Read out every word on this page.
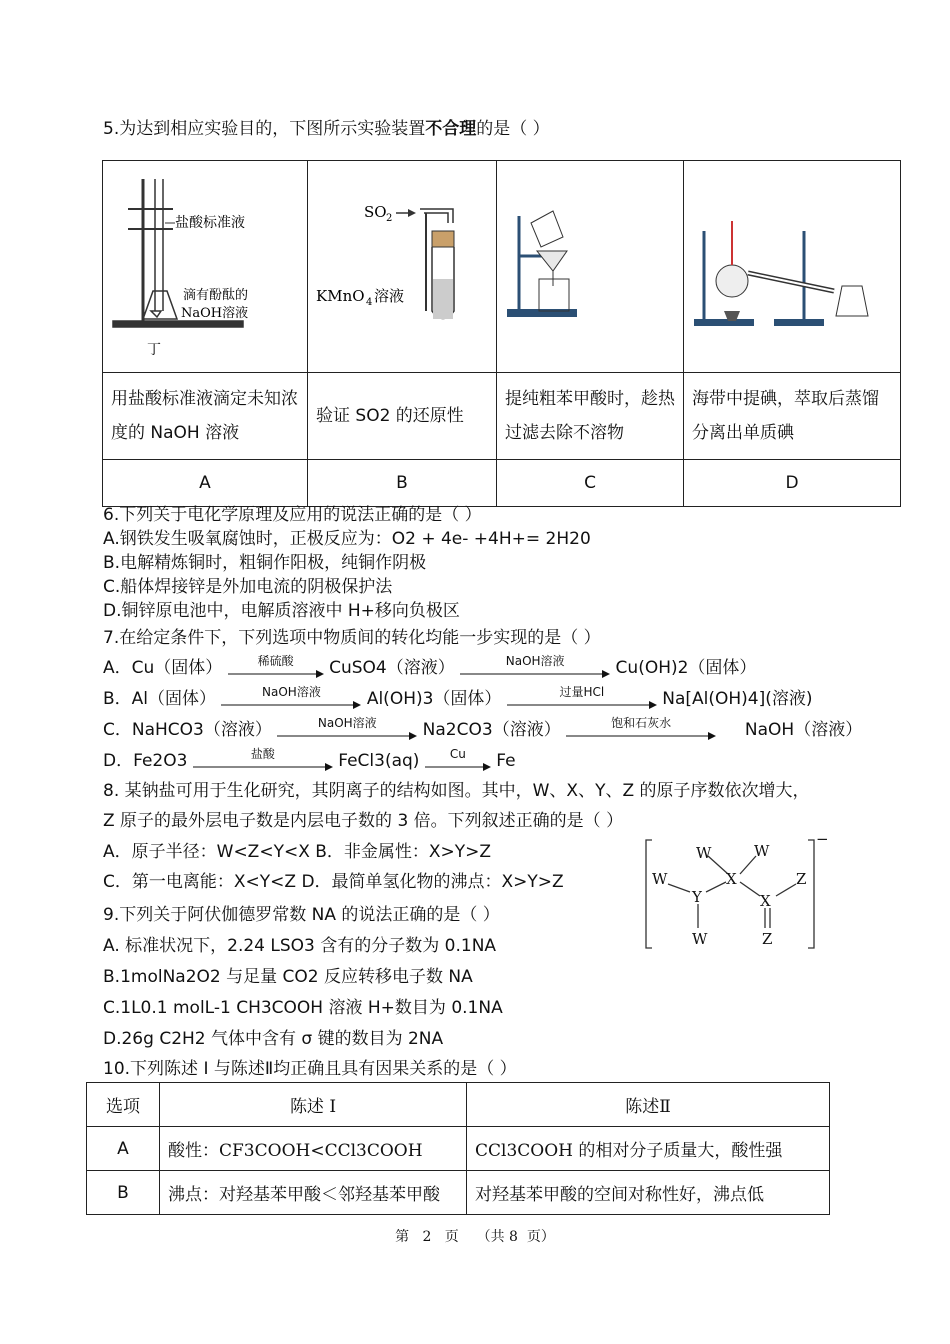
5.为达到相应实验目的，下图所示实验装置不合理的是（ ）
盐酸标准液
滴有酚酞的
NaOH溶液
丁	SO 2
KMnO 4 溶液

用盐酸标准液滴定未知浓度的 NaOH 溶液	验证 SO2 的还原性	提纯粗苯甲酸时，趁热过滤去除不溶物	海带中提碘，萃取后蒸馏分离出单质碘
A	B	C	D
6.下列关于电化学原理及应用的说法正确的是（ ）
A.钢铁发生吸氧腐蚀时，正极反应为：O2 + 4e- +4H+= 2H20
B.电解精炼铜时，粗铜作阳极，纯铜作阴极
C.船体焊接锌是外加电流的阴极保护法
D.铜锌原电池中，电解质溶液中 H+移向负极区
7.在给定条件下，下列选项中物质间的转化均能一步实现的是（ ）
A．Cu（固体）	稀硫酸	CuSO4（溶液）	NaOH溶液	Cu(OH)2（固体）
B．Al（固体）	NaOH溶液	Al(OH)3（固体）	过量HCl	Na[Al(OH)4](溶液)
C．NaHCO3（溶液）	NaOH溶液	Na2CO3（溶液）	饱和石灰水	NaOH（溶液）
D．Fe2O3	盐酸	FeCl3(aq)	Cu	Fe
8. 某钠盐可用于生化研究，其阴离子的结构如图。其中，W、X、Y、Z 的原子序数依次增大，
Z 原子的最外层电子数是内层电子数的 3 倍。下列叙述正确的是（ ）
A．原子半径：W<Z<Y<X B．非金属性：X>Y>Z
C．第一电离能：X<Y<Z D．最简单氢化物的沸点：X>Y>Z
W	W
X
W
Y	X
Z
W	Z
−
9.下列关于阿伏伽德罗常数 NA 的说法正确的是（ ）
A. 标准状况下，2.24 LSO3 含有的分子数为 0.1NA
B.1molNa2O2 与足量 CO2 反应转移电子数 NA
C.1L0.1 molL-1 CH3COOH 溶液 H+数目为 0.1NA
D.26g C2H2 气体中含有 σ 键的数目为 2NA
10.下列陈述 I 与陈述Ⅱ均正确且具有因果关系的是（ ）
选项	陈述 I	陈述Ⅱ
A	酸性：CF3COOH<CCl3COOH	CCl3COOH 的相对分子质量大，酸性强
B	沸点：对羟基苯甲酸＜邻羟基苯甲酸	对羟基苯甲酸的空间对称性好，沸点低
第   2   页    （共 8  页）
